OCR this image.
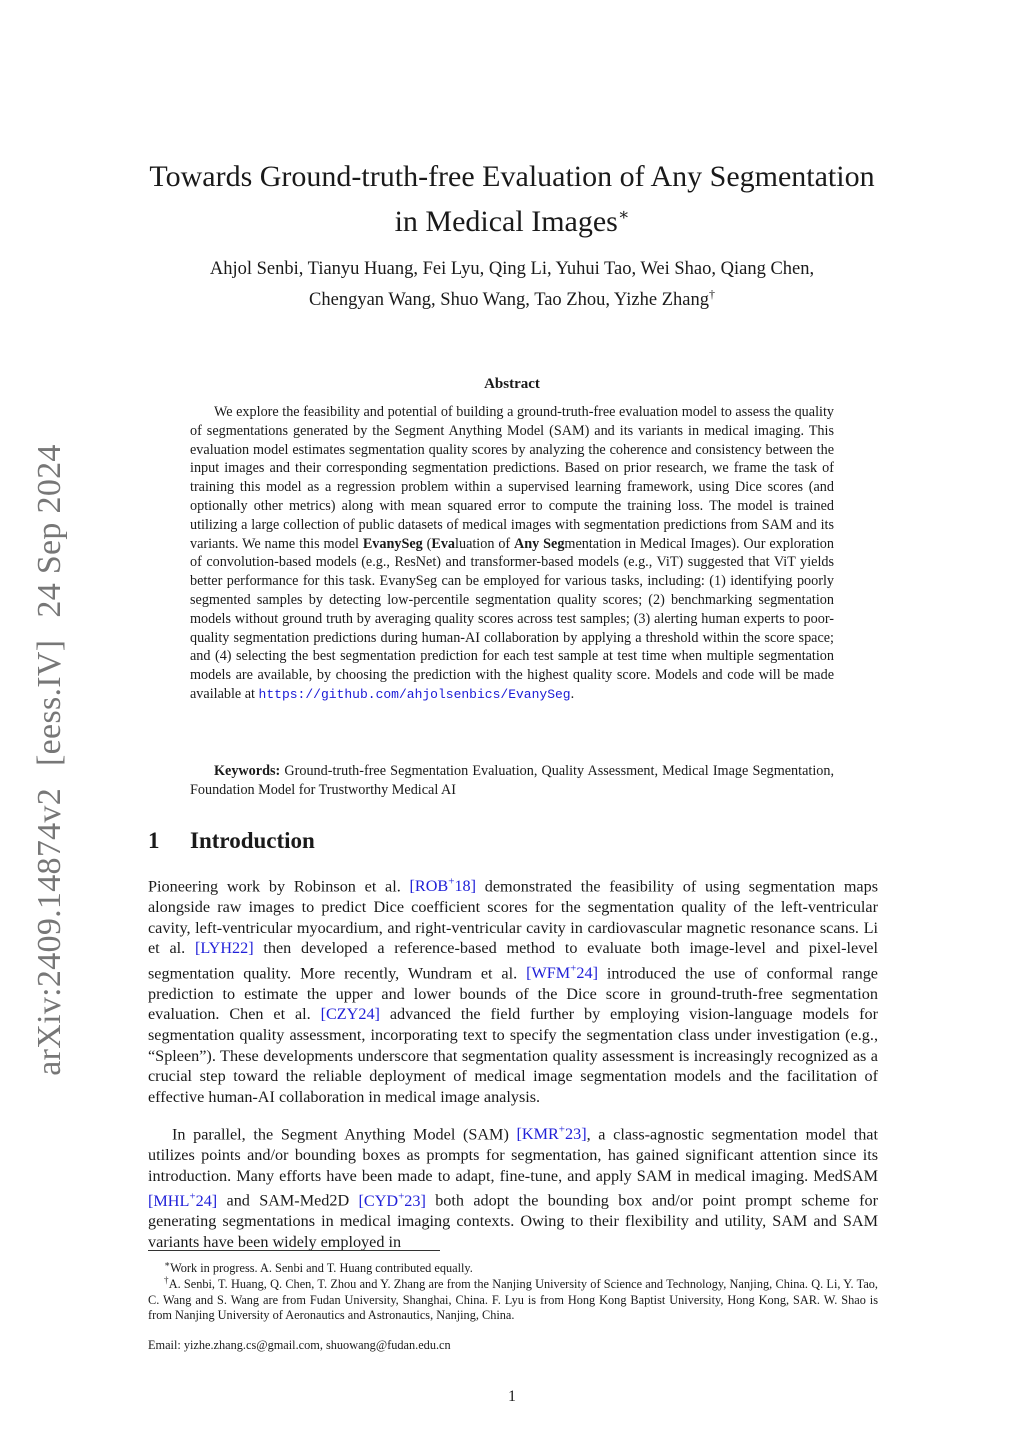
arXiv:2409.14874v2[eess.IV]24 Sep 2024
Towards Ground-truth-free Evaluation of Any Segmentation
in Medical Images∗
Ahjol Senbi, Tianyu Huang, Fei Lyu, Qing Li, Yuhui Tao, Wei Shao, Qiang Chen,
Chengyan Wang, Shuo Wang, Tao Zhou, Yizhe Zhang†
Abstract
We explore the feasibility and potential of building a ground-truth-free evaluation model to assess the quality of segmentations generated by the Segment Anything Model (SAM) and its variants in medical imaging. This evaluation model estimates segmentation quality scores by analyzing the coherence and consistency between the input images and their corresponding segmentation predictions. Based on prior research, we frame the task of training this model as a regression problem within a supervised learning framework, using Dice scores (and optionally other metrics) along with mean squared error to compute the training loss. The model is trained utilizing a large collection of public datasets of medical images with segmentation predictions from SAM and its variants. We name this model EvanySeg (Evaluation of Any Segmentation in Medical Images). Our exploration of convolution-based models (e.g., ResNet) and transformer-based models (e.g., ViT) suggested that ViT yields better performance for this task. EvanySeg can be employed for various tasks, including: (1) identifying poorly segmented samples by detecting low-percentile segmentation quality scores; (2) benchmarking segmentation models without ground truth by averaging quality scores across test samples; (3) alerting human experts to poor-quality segmentation predictions during human-AI collaboration by applying a threshold within the score space; and (4) selecting the best segmentation prediction for each test sample at test time when multiple segmentation models are available, by choosing the prediction with the highest quality score. Models and code will be made available at https://github.com/ahjolsenbics/EvanySeg.
Keywords: Ground-truth-free Segmentation Evaluation, Quality Assessment, Medical Image Segmentation, Foundation Model for Trustworthy Medical AI
1 Introduction
Pioneering work by Robinson et al. [ROB+18] demonstrated the feasibility of using segmentation maps alongside raw images to predict Dice coefficient scores for the segmentation quality of the left-ventricular cavity, left-ventricular myocardium, and right-ventricular cavity in cardiovascular magnetic resonance scans. Li et al. [LYH22] then developed a reference-based method to evaluate both image-level and pixel-level segmentation quality. More recently, Wundram et al. [WFM+24] introduced the use of conformal range prediction to estimate the upper and lower bounds of the Dice score in ground-truth-free segmentation evaluation. Chen et al. [CZY24] advanced the field further by employing vision-language models for segmentation quality assessment, incorporating text to specify the segmentation class under investigation (e.g., “Spleen”). These developments underscore that segmentation quality assessment is increasingly recognized as a crucial step toward the reliable deployment of medical image segmentation models and the facilitation of effective human-AI collaboration in medical image analysis.
In parallel, the Segment Anything Model (SAM) [KMR+23], a class-agnostic segmentation model that utilizes points and/or bounding boxes as prompts for segmentation, has gained significant attention since its introduction. Many efforts have been made to adapt, fine-tune, and apply SAM in medical imaging. MedSAM [MHL+24] and SAM-Med2D [CYD+23] both adopt the bounding box and/or point prompt scheme for generating segmentations in medical imaging contexts. Owing to their flexibility and utility, SAM and SAM variants have been widely employed in
∗Work in progress. A. Senbi and T. Huang contributed equally.
†A. Senbi, T. Huang, Q. Chen, T. Zhou and Y. Zhang are from the Nanjing University of Science and Technology, Nanjing, China. Q. Li, Y. Tao, C. Wang and S. Wang are from Fudan University, Shanghai, China. F. Lyu is from Hong Kong Baptist University, Hong Kong, SAR. W. Shao is from Nanjing University of Aeronautics and Astronautics, Nanjing, China.
Email: yizhe.zhang.cs@gmail.com, shuowang@fudan.edu.cn
1
